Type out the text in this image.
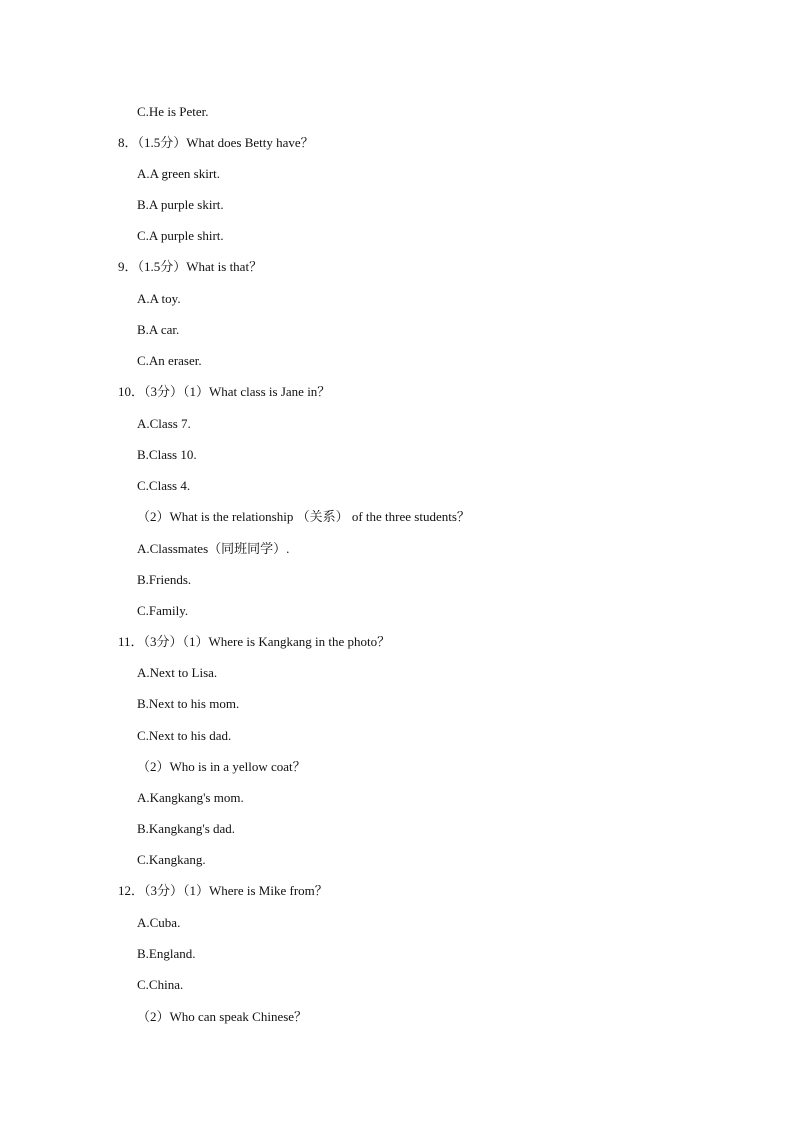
C.He is Peter.
8．（1.5分）What does Betty have？
A.A green skirt.
B.A purple skirt.
C.A purple shirt.
9．（1.5分）What is that？
A.A toy.
B.A car.
C.An eraser.
10．（3分）（1）What class is Jane in？
A.Class 7.
B.Class 10.
C.Class 4.
（2）What is the relationship （关系） of the three students？
A.Classmates（同班同学）.
B.Friends.
C.Family.
11．（3分）（1）Where is Kangkang in the photo？
A.Next to Lisa.
B.Next to his mom.
C.Next to his dad.
（2）Who is in a yellow coat？
A.Kangkang's mom.
B.Kangkang's dad.
C.Kangkang.
12．（3分）（1）Where is Mike from？
A.Cuba.
B.England.
C.China.
（2）Who can speak Chinese？
